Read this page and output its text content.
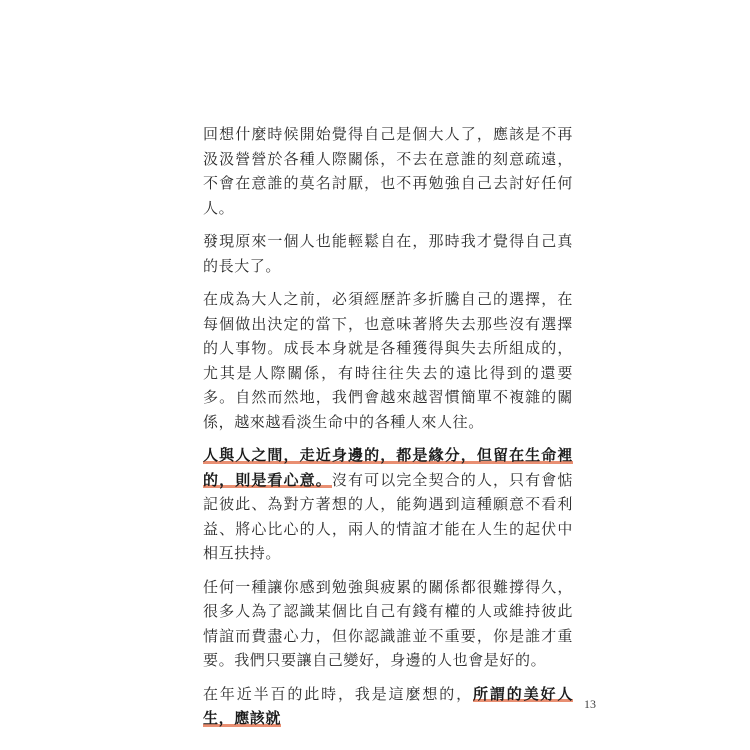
回想什麼時候開始覺得自己是個大人了，應該是不再汲汲營營於各種人際關係，不去在意誰的刻意疏遠，不會在意誰的莫名討厭，也不再勉強自己去討好任何人。

發現原來一個人也能輕鬆自在，那時我才覺得自己真的長大了。

在成為大人之前，必須經歷許多折騰自己的選擇，在每個做出決定的當下，也意味著將失去那些沒有選擇的人事物。成長本身就是各種獲得與失去所組成的，尤其是人際關係，有時往往失去的遠比得到的還要多。自然而然地，我們會越來越習慣簡單不複雜的關係，越來越看淡生命中的各種人來人往。

人與人之間，走近身邊的，都是緣分，但留在生命裡的，則是看心意。沒有可以完全契合的人，只有會惦記彼此、為對方著想的人，能夠遇到這種願意不看利益、將心比心的人，兩人的情誼才能在人生的起伏中相互扶持。

任何一種讓你感到勉強與疲累的關係都很難撐得久，很多人為了認識某個比自己有錢有權的人或維持彼此情誼而費盡心力，但你認識誰並不重要，你是誰才重要。我們只要讓自己變好，身邊的人也會是好的。

在年近半百的此時，我是這麼想的，所謂的美好人生，應該就

13
